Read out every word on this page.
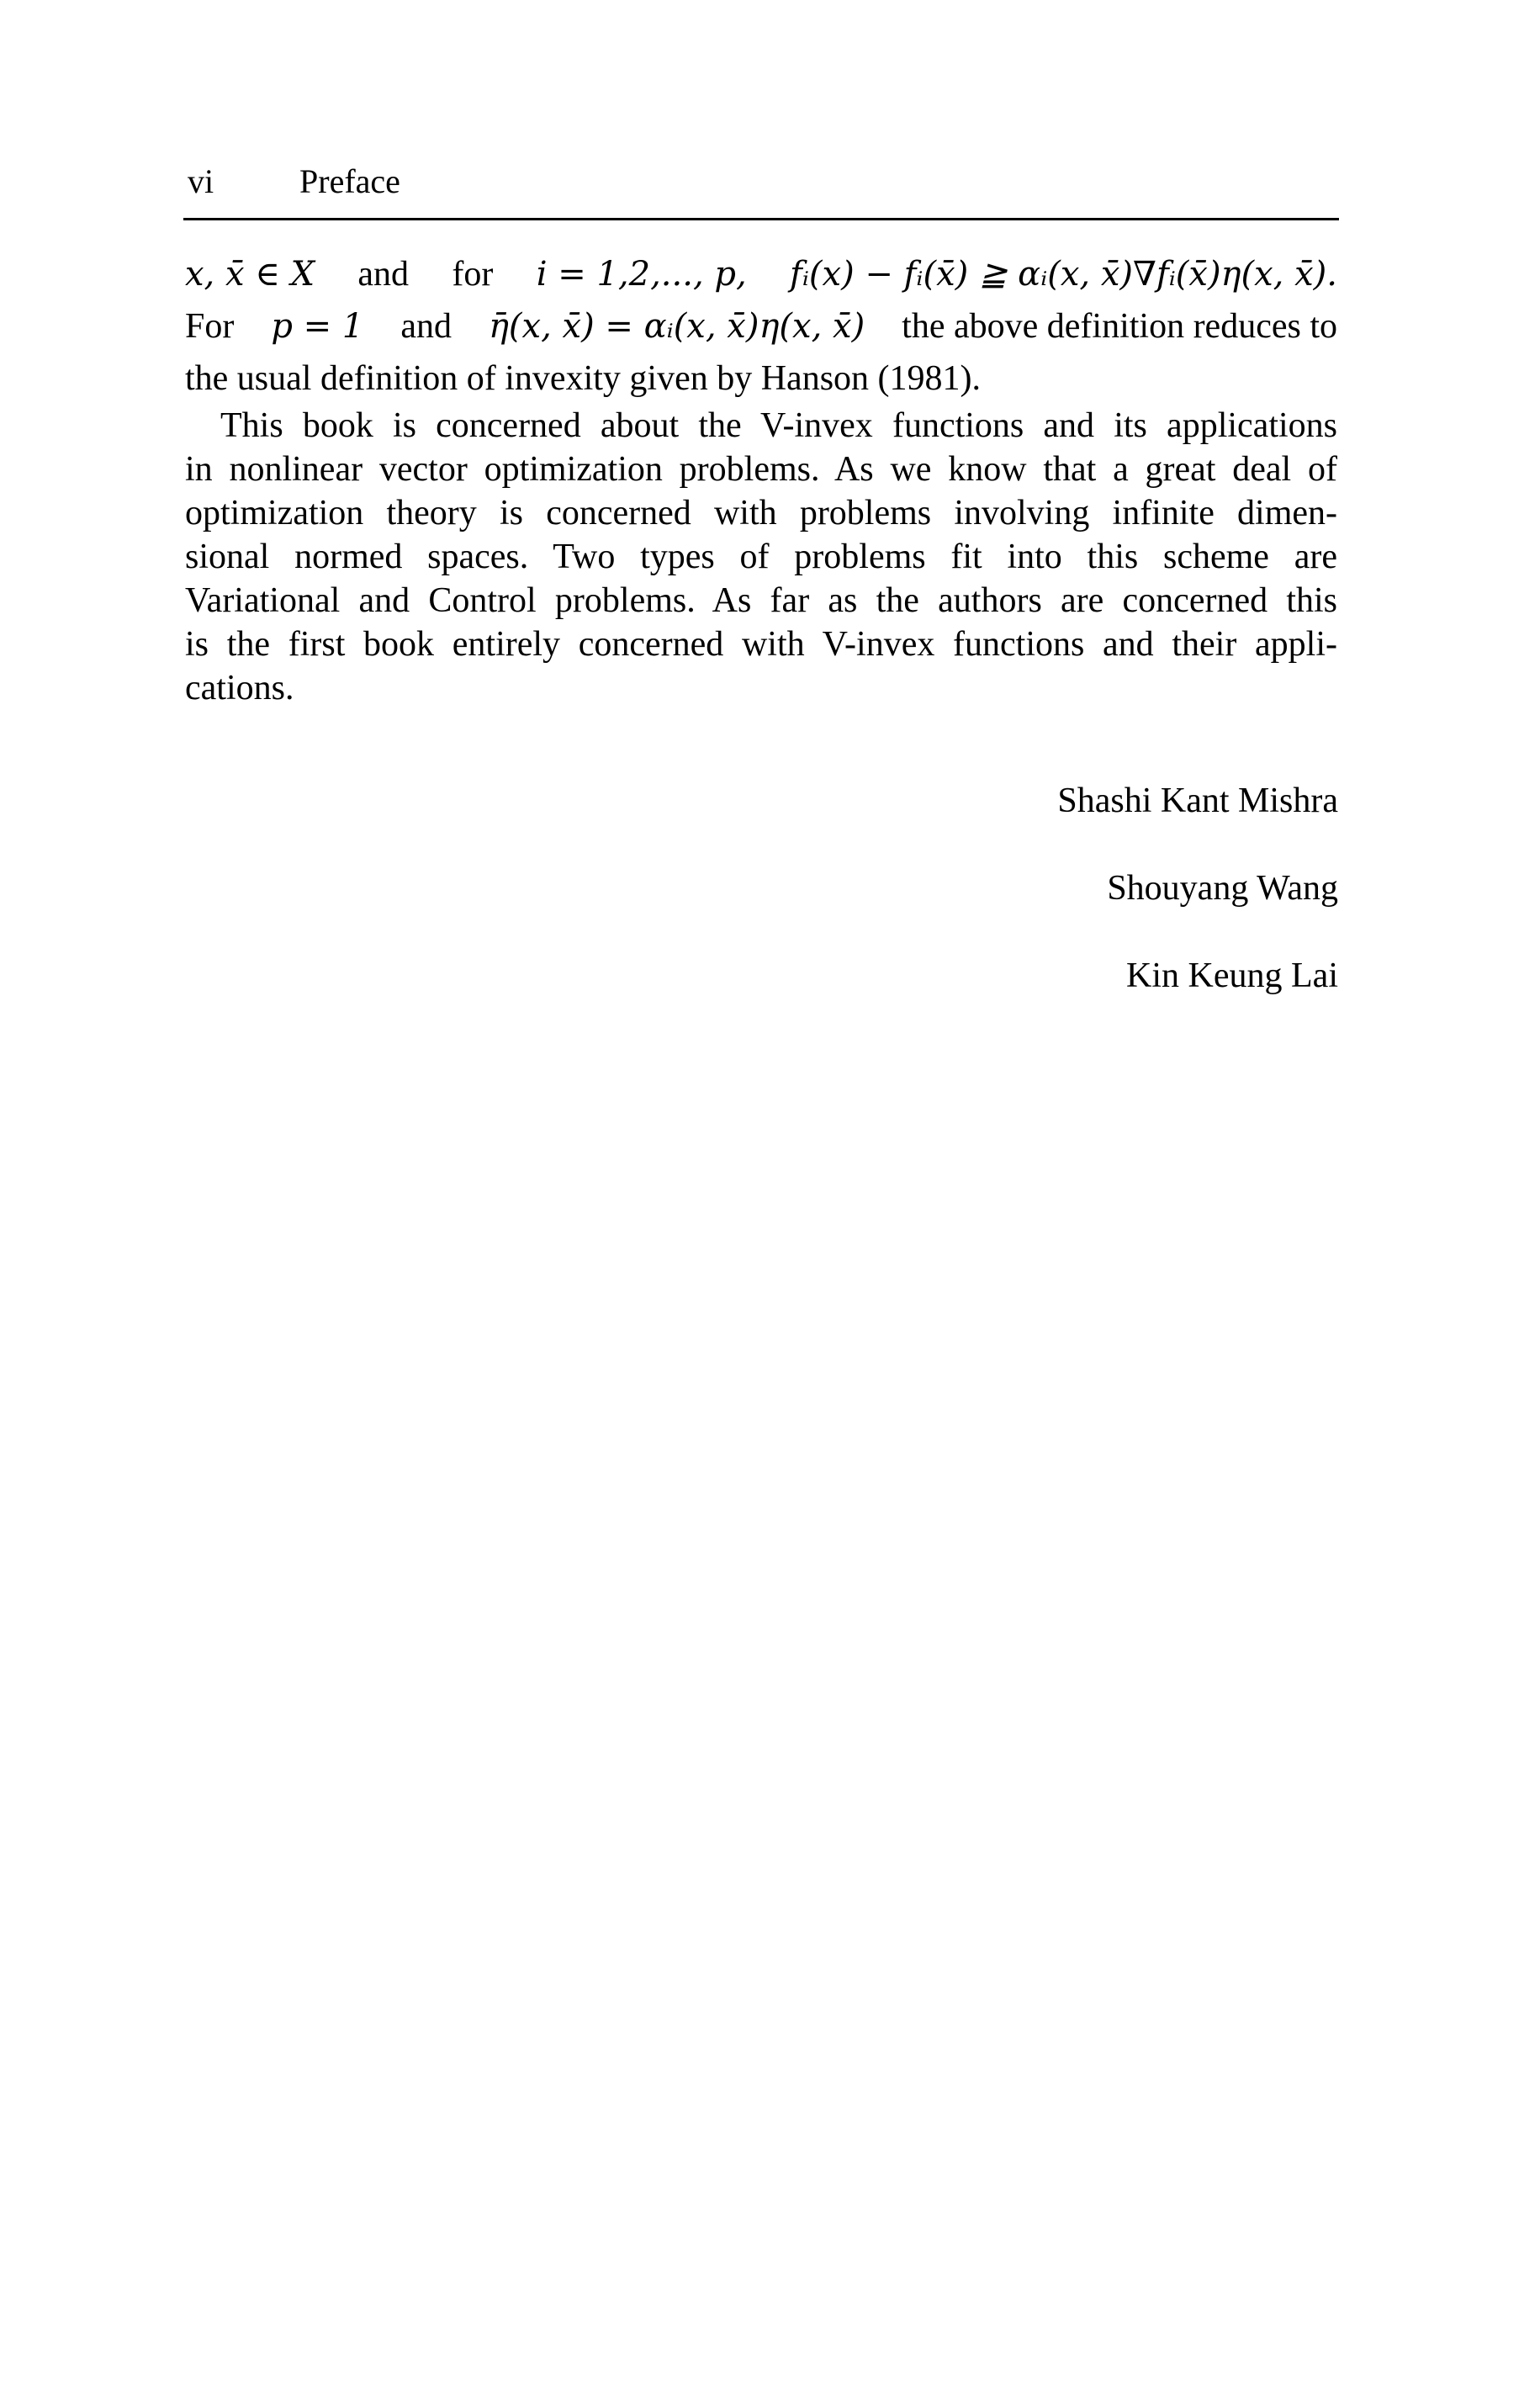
vi	Preface
x, x̄ ∈ X and for i = 1,2,..., p, fᵢ(x) − fᵢ(x̄) ≧ αᵢ(x, x̄)∇fᵢ(x̄)η(x, x̄).
For p = 1 and η̄(x, x̄) = αᵢ(x, x̄)η(x, x̄) the above definition reduces to
the usual definition of invexity given by Hanson (1981).
This book is concerned about the V-invex functions and its applications
in nonlinear vector optimization problems. As we know that a great deal of
optimization theory is concerned with problems involving infinite dimen-
sional normed spaces. Two types of problems fit into this scheme are
Variational and Control problems. As far as the authors are concerned this
is the first book entirely concerned with V-invex functions and their appli-
cations.
Shashi Kant Mishra
Shouyang Wang
Kin Keung Lai
